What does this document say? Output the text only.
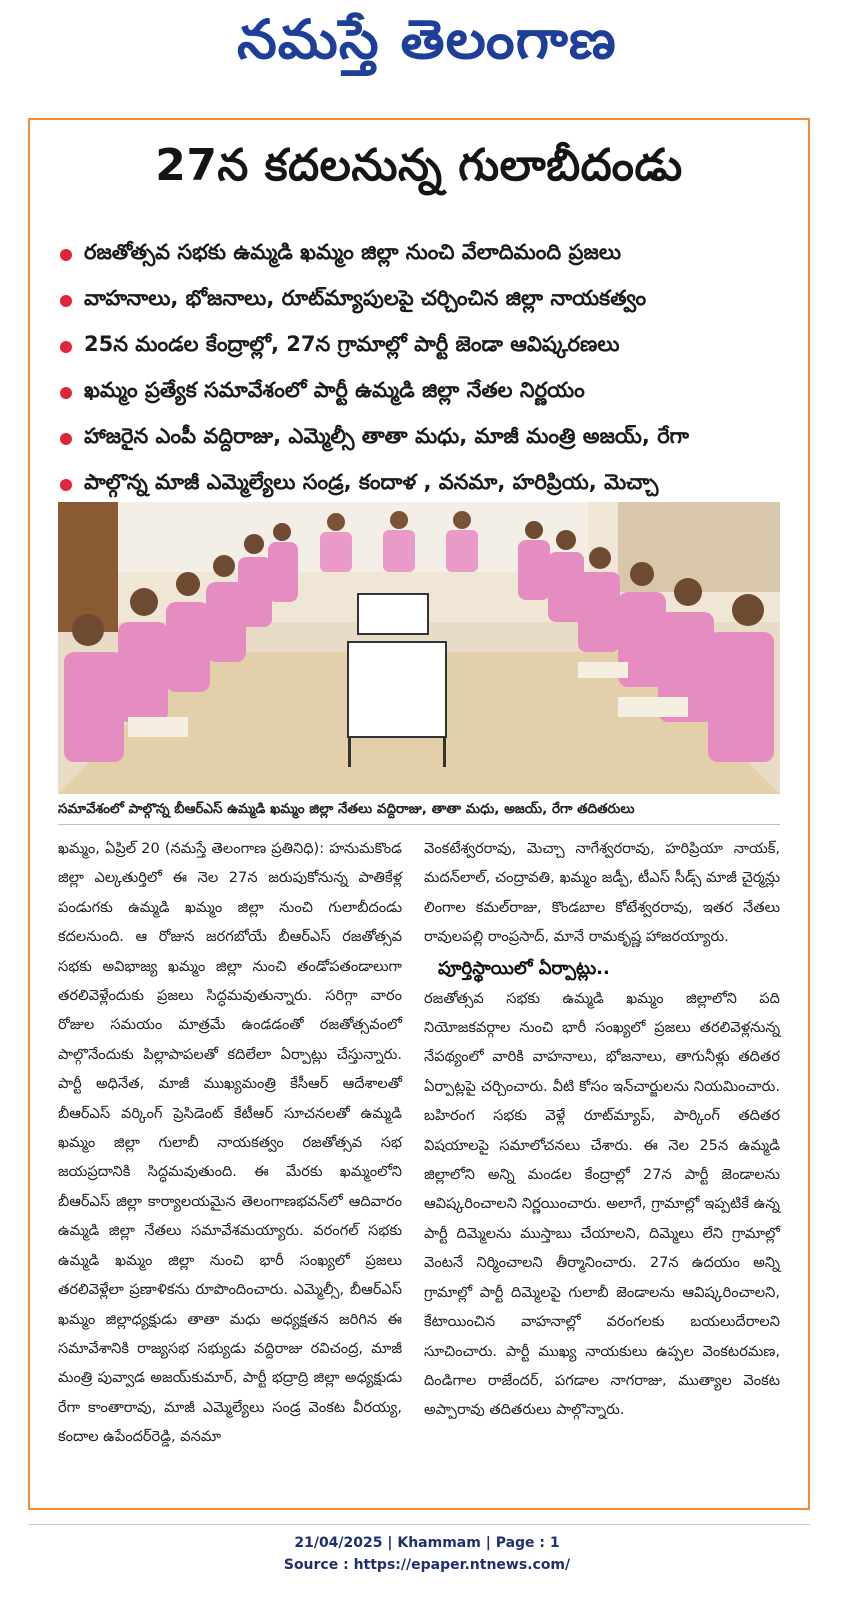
నమస్తే తెలంగాణ
27న కదలనున్న గులాబీదండు
రజతోత్సవ సభకు ఉమ్మడి ఖమ్మం జిల్లా నుంచి వేలాదిమంది ప్రజలు
వాహనాలు, భోజనాలు, రూట్‌మ్యాపులపై చర్చించిన జిల్లా నాయకత్వం
25న మండల కేంద్రాల్లో, 27న గ్రామాల్లో పార్టీ జెండా ఆవిష్కరణలు
ఖమ్మం ప్రత్యేక సమావేశంలో పార్టీ ఉమ్మడి జిల్లా నేతల నిర్ణయం
హాజరైన ఎంపీ వద్దిరాజు, ఎమ్మెల్సీ తాతా మధు, మాజీ మంత్రి అజయ్, రేగా
పాల్గొన్న మాజీ ఎమ్మెల్యేలు సండ్ర, కందాళ , వనమా, హరిప్రియ, మెచ్చా
సమావేశంలో పాల్గొన్న బీఆర్‌ఎస్‌ ఉమ్మడి ఖమ్మం జిల్లా నేతలు వద్దిరాజు, తాతా మధు, అజయ్‌, రేగా తదితరులు

ఖమ్మం, ఏప్రిల్‌ 20 (నమస్తే తెలంగాణ ప్రతినిధి): హనుమకొండ జిల్లా ఎల్కతుర్తిలో ఈ నెల 27న జరుపుకోనున్న పాతికేళ్ల పండుగకు ఉమ్మడి ఖమ్మం జిల్లా నుంచి గులాబీదండు కదలనుంది. ఆ రోజున జరగబోయే బీఆర్‌ఎస్‌ రజతోత్సవ సభకు అవిభాజ్య ఖమ్మం జిల్లా నుంచి తండోపతండాలుగా తరలివెళ్లేందుకు ప్రజలు సిద్ధమవుతున్నారు. సరిగ్గా వారం రోజుల సమయం మాత్రమే ఉండడంతో రజతోత్సవంలో పాల్గొనేందుకు పిల్లాపాపలతో కదిలేలా ఏర్పాట్లు చేస్తున్నారు. పార్టీ అధినేత, మాజీ ముఖ్యమంత్రి కేసీఆర్‌ ఆదేశాలతో బీఆర్‌ఎస్‌ వర్కింగ్‌ ప్రెసిడెంట్‌ కేటీఆర్‌ సూచనలతో ఉమ్మడి ఖమ్మం జిల్లా గులాబీ నాయకత్వం రజతోత్సవ సభ జయప్రదానికి సిద్ధమవుతుంది. ఈ మేరకు ఖమ్మంలోని బీఆర్‌ఎస్‌ జిల్లా కార్యాలయమైన తెలంగాణభవన్‌లో ఆదివారం ఉమ్మడి జిల్లా నేతలు సమావేశమయ్యారు. వరంగల్‌ సభకు ఉమ్మడి ఖమ్మం జిల్లా నుంచి భారీ సంఖ్యలో ప్రజలు తరలివెళ్లేలా ప్రణాళికను రూపొందించారు. ఎమ్మెల్సీ, బీఆర్‌ఎస్‌ ఖమ్మం జిల్లాధ్యక్షుడు తాతా మధు అధ్యక్షతన జరిగిన ఈ సమావేశానికి రాజ్యసభ సభ్యుడు వద్దిరాజు రవిచంద్ర, మాజీ మంత్రి పువ్వాడ అజయ్‌కుమార్‌, పార్టీ భద్రాద్రి జిల్లా అధ్యక్షుడు రేగా కాంతారావు, మాజీ ఎమ్మెల్యేలు సండ్ర వెంకట వీరయ్య, కందాల ఉపేందర్‌రెడ్డి, వనమా

వెంకటేశ్వరరావు, మెచ్చా నాగేశ్వరరావు, హరిప్రియా నాయక్‌, మదన్‌లాల్‌, చంద్రావతి, ఖమ్మం జడ్పీ, టీఎస్‌ సీడ్స్‌ మాజీ చైర్మన్లు లింగాల కమల్‌రాజు, కొండబాల కోటేశ్వరరావు, ఇతర నేతలు రావులపల్లి రాంప్రసాద్‌, మానే రామకృష్ణ హాజరయ్యారు.

పూర్తిస్థాయిలో ఏర్పాట్లు..

రజతోత్సవ సభకు ఉమ్మడి ఖమ్మం జిల్లాలోని పది నియోజకవర్గాల నుంచి భారీ సంఖ్యలో ప్రజలు తరలివెళ్లనున్న నేపథ్యంలో వారికి వాహనాలు, భోజనాలు, తాగునీళ్లు తదితర ఏర్పాట్లపై చర్చించారు. వీటి కోసం ఇన్‌చార్జులను నియమించారు. బహిరంగ సభకు వెళ్లే రూట్‌మ్యాప్‌, పార్కింగ్‌ తదితర విషయాలపై సమాలోచనలు చేశారు. ఈ నెల 25న ఉమ్మడి జిల్లాలోని అన్ని మండల కేంద్రాల్లో 27న పార్టీ జెండాలను ఆవిష్కరించాలని నిర్ణయించారు. అలాగే, గ్రామాల్లో ఇప్పటికే ఉన్న పార్టీ దిమ్మెలను ముస్తాబు చేయాలని, దిమ్మెలు లేని గ్రామాల్లో వెంటనే నిర్మించాలని తీర్మానించారు. 27న ఉదయం అన్ని గ్రామాల్లో పార్టీ దిమ్మెలపై గులాబీ జెండాలను ఆవిష్కరించాలని, కేటాయించిన వాహనాల్లో వరంగలకు బయలుదేరాలని సూచించారు. పార్టీ ముఖ్య నాయకులు ఉప్పల వెంకటరమణ, దిండిగాల రాజేందర్‌, పగడాల నాగరాజు, ముత్యాల వెంకట అప్పారావు తదితరులు పాల్గొన్నారు.

21/04/2025 | Khammam | Page : 1
Source : https://epaper.ntnews.com/
